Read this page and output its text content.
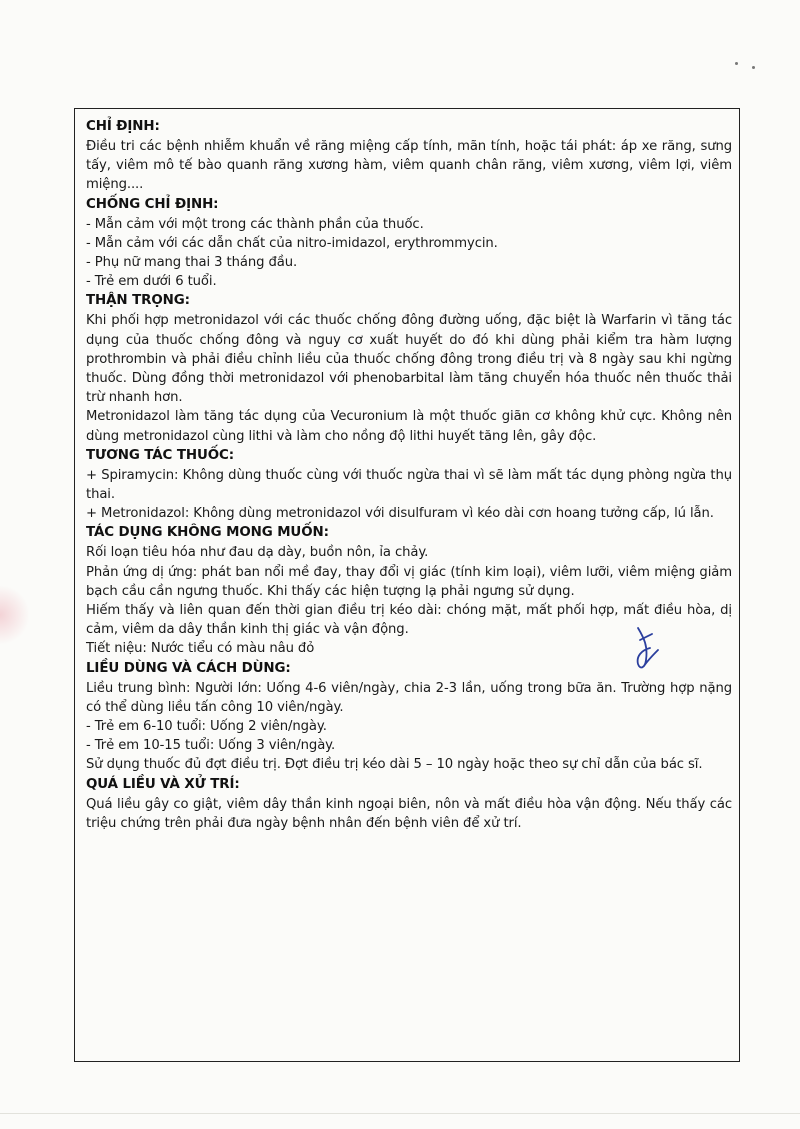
CHỈ ĐỊNH:

Điều tri các bệnh nhiễm khuẩn về răng miệng cấp tính, mãn tính, hoặc tái phát: áp xe răng, sưng tấy, viêm mô tế bào quanh răng xương hàm, viêm quanh chân răng, viêm xương, viêm lợi, viêm miệng....

CHỐNG CHỈ ĐỊNH:

- Mẫn cảm với một trong các thành phần của thuốc.

- Mẫn cảm với các dẫn chất của nitro-imidazol, erythrommycin.

- Phụ nữ mang thai 3 tháng đầu.

- Trẻ em dưới 6 tuổi.

THẬN TRỌNG:

Khi phối hợp metronidazol với các thuốc chống đông đường uống, đặc biệt là Warfarin vì tăng tác dụng của thuốc chống đông và nguy cơ xuất huyết do đó khi dùng phải kiểm tra hàm lượng prothrombin và phải điều chỉnh liều của thuốc chống đông trong điều trị và 8 ngày sau khi ngừng thuốc. Dùng đồng thời metronidazol với phenobarbital làm tăng chuyển hóa thuốc nên thuốc thải trừ nhanh hơn.

Metronidazol làm tăng tác dụng của Vecuronium là một thuốc giãn cơ không khử cực. Không nên dùng metronidazol cùng lithi và làm cho nồng độ lithi huyết tăng lên, gây độc.

TƯƠNG TÁC THUỐC:

+ Spiramycin: Không dùng thuốc cùng với thuốc ngừa thai vì sẽ làm mất tác dụng phòng ngừa thụ thai.

+ Metronidazol: Không dùng metronidazol với disulfuram vì kéo dài cơn hoang tưởng cấp, lú lẫn.

TÁC DỤNG KHÔNG MONG MUỐN:

Rối loạn tiêu hóa như đau dạ dày, buồn nôn, ỉa chảy.

Phản ứng dị ứng: phát ban nổi mề đay, thay đổi vị giác (tính kim loại), viêm lưỡi, viêm miệng giảm bạch cầu cần ngưng thuốc. Khi thấy các hiện tượng lạ phải ngưng sử dụng.

Hiếm thấy và liên quan đến thời gian điều trị kéo dài: chóng mặt, mất phối hợp, mất điều hòa, dị cảm, viêm da dây thần kinh thị giác và vận động.

Tiết niệu: Nước tiểu có màu nâu đỏ

LIỀU DÙNG VÀ CÁCH DÙNG:

Liều trung bình: Người lớn: Uống 4-6 viên/ngày, chia 2-3 lần, uống trong bữa ăn. Trường hợp nặng có thể dùng liều tấn công 10 viên/ngày.

- Trẻ em 6-10 tuổi: Uống 2 viên/ngày.

- Trẻ em 10-15 tuổi: Uống 3 viên/ngày.

Sử dụng thuốc đủ đợt điều trị. Đợt điều trị kéo dài 5 – 10 ngày hoặc theo sự chỉ dẫn của bác sĩ.

QUÁ LIỀU VÀ XỬ TRÍ:

Quá liều gây co giật, viêm dây thần kinh ngoại biên, nôn và mất điều hòa vận động. Nếu thấy các triệu chứng trên phải đưa ngày bệnh nhân đến bệnh viên để xử trí.
